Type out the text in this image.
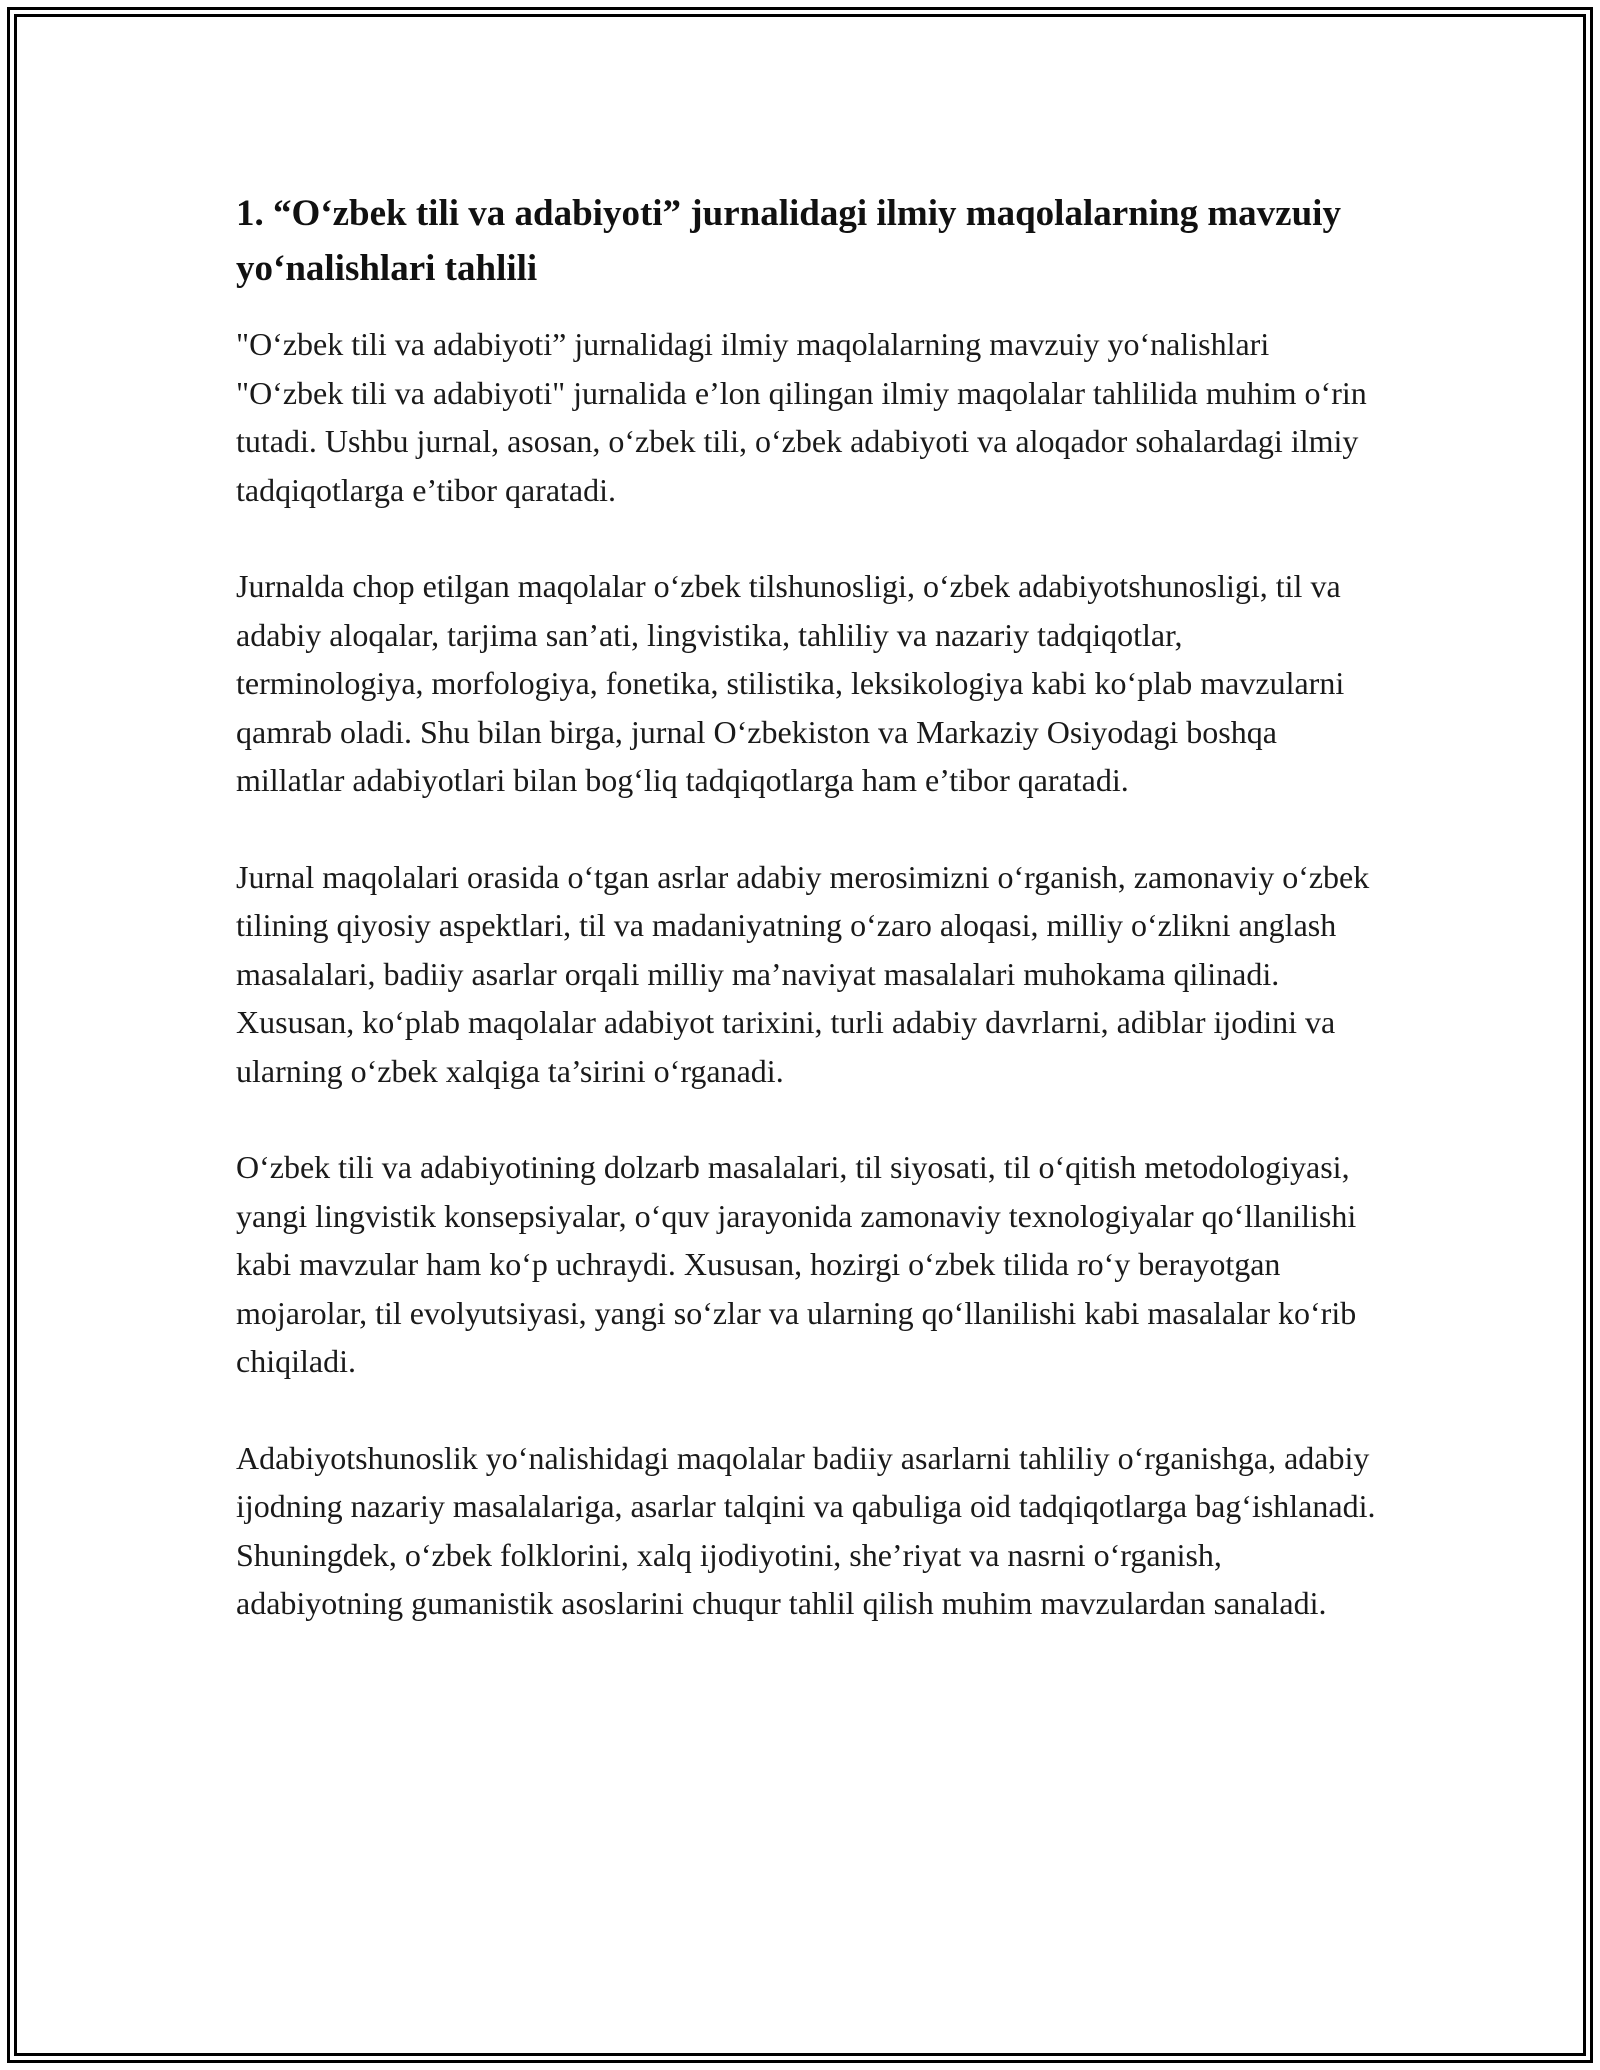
1. “O‘zbek tili va adabiyoti” jurnalidagi ilmiy maqolalarning mavzuiy yo‘nalishlari tahlili

"O‘zbek tili va adabiyoti” jurnalidagi ilmiy maqolalarning mavzuiy yo‘nalishlari "O‘zbek tili va adabiyoti" jurnalida e’lon qilingan ilmiy maqolalar tahlilida muhim o‘rin tutadi. Ushbu jurnal, asosan, o‘zbek tili, o‘zbek adabiyoti va aloqador sohalardagi ilmiy tadqiqotlarga e’tibor qaratadi.

Jurnalda chop etilgan maqolalar o‘zbek tilshunosligi, o‘zbek adabiyotshunosligi, til va adabiy aloqalar, tarjima san’ati, lingvistika, tahliliy va nazariy tadqiqotlar, terminologiya, morfologiya, fonetika, stilistika, leksikologiya kabi ko‘plab mavzularni qamrab oladi. Shu bilan birga, jurnal O‘zbekiston va Markaziy Osiyodagi boshqa millatlar adabiyotlari bilan bog‘liq tadqiqotlarga ham e’tibor qaratadi.

Jurnal maqolalari orasida o‘tgan asrlar adabiy merosimizni o‘rganish, zamonaviy o‘zbek tilining qiyosiy aspektlari, til va madaniyatning o‘zaro aloqasi, milliy o‘zlikni anglash masalalari, badiiy asarlar orqali milliy ma’naviyat masalalari muhokama qilinadi. Xususan, ko‘plab maqolalar adabiyot tarixini, turli adabiy davrlarni, adiblar ijodini va ularning o‘zbek xalqiga ta’sirini o‘rganadi.

O‘zbek tili va adabiyotining dolzarb masalalari, til siyosati, til o‘qitish metodologiyasi, yangi lingvistik konsepsiyalar, o‘quv jarayonida zamonaviy texnologiyalar qo‘llanilishi kabi mavzular ham ko‘p uchraydi. Xususan, hozirgi o‘zbek tilida ro‘y berayotgan mojarolar, til evolyutsiyasi, yangi so‘zlar va ularning qo‘llanilishi kabi masalalar ko‘rib chiqiladi.

Adabiyotshunoslik yo‘nalishidagi maqolalar badiiy asarlarni tahliliy o‘rganishga, adabiy ijodning nazariy masalalariga, asarlar talqini va qabuliga oid tadqiqotlarga bag‘ishlanadi. Shuningdek, o‘zbek folklorini, xalq ijodiyotini, she’riyat va nasrni o‘rganish, adabiyotning gumanistik asoslarini chuqur tahlil qilish muhim mavzulardan sanaladi.
